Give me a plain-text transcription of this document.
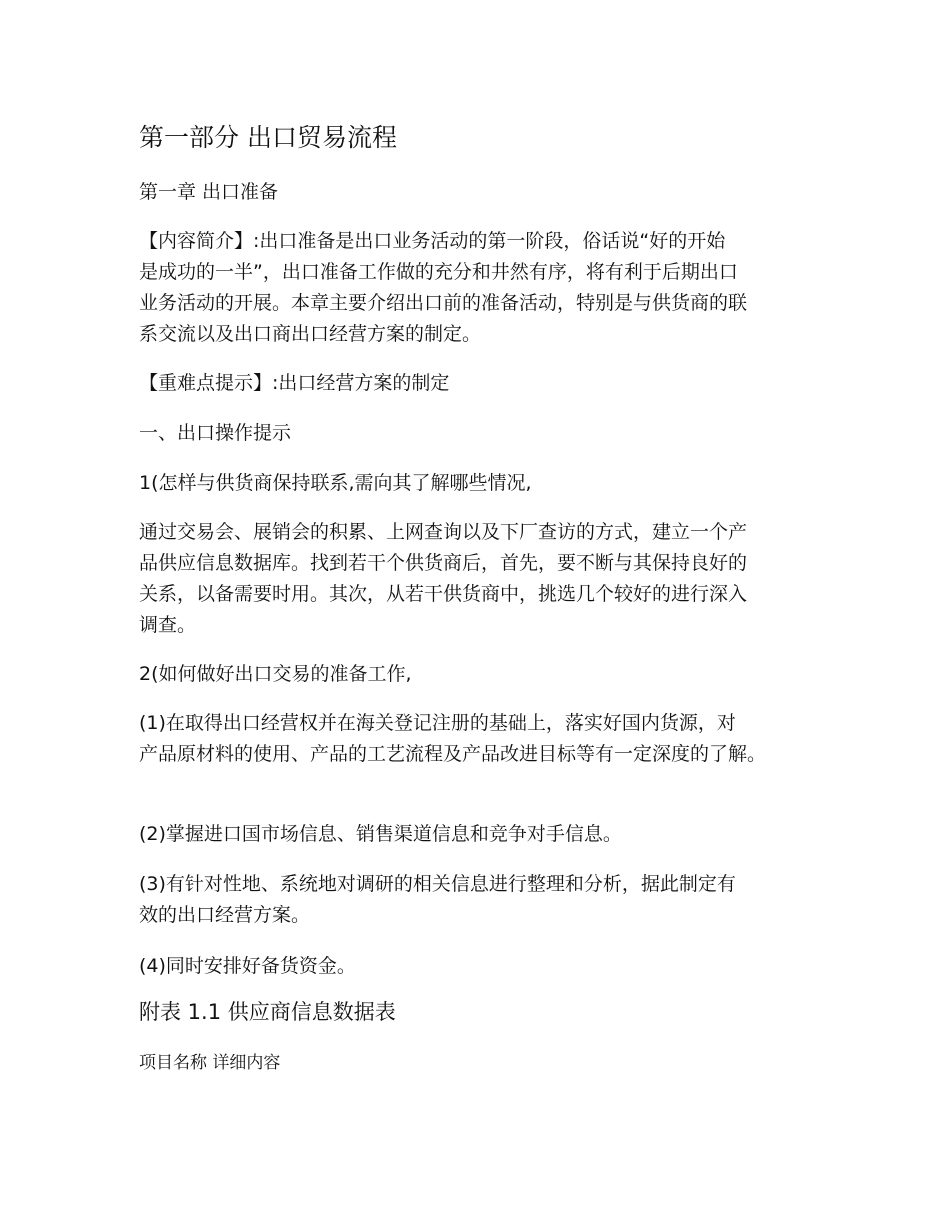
第一部分 出口贸易流程
第一章 出口准备
【内容简介】:出口准备是出口业务活动的第一阶段，俗话说“好的开始
是成功的一半”，出口准备工作做的充分和井然有序，将有利于后期出口
业务活动的开展。本章主要介绍出口前的准备活动，特别是与供货商的联
系交流以及出口商出口经营方案的制定。

【重难点提示】:出口经营方案的制定

一、出口操作提示

1(怎样与供货商保持联系,需向其了解哪些情况,

通过交易会、展销会的积累、上网查询以及下厂查访的方式，建立一个产
品供应信息数据库。找到若干个供货商后，首先，要不断与其保持良好的
关系，以备需要时用。其次，从若干供货商中，挑选几个较好的进行深入
调查。

2(如何做好出口交易的准备工作,

(1)在取得出口经营权并在海关登记注册的基础上，落实好国内货源，对
产品原材料的使用、产品的工艺流程及产品改进目标等有一定深度的了解。

(2)掌握进口国市场信息、销售渠道信息和竞争对手信息。

(3)有针对性地、系统地对调研的相关信息进行整理和分析，据此制定有
效的出口经营方案。

(4)同时安排好备货资金。

附表 1.1 供应商信息数据表

项目名称 详细内容
